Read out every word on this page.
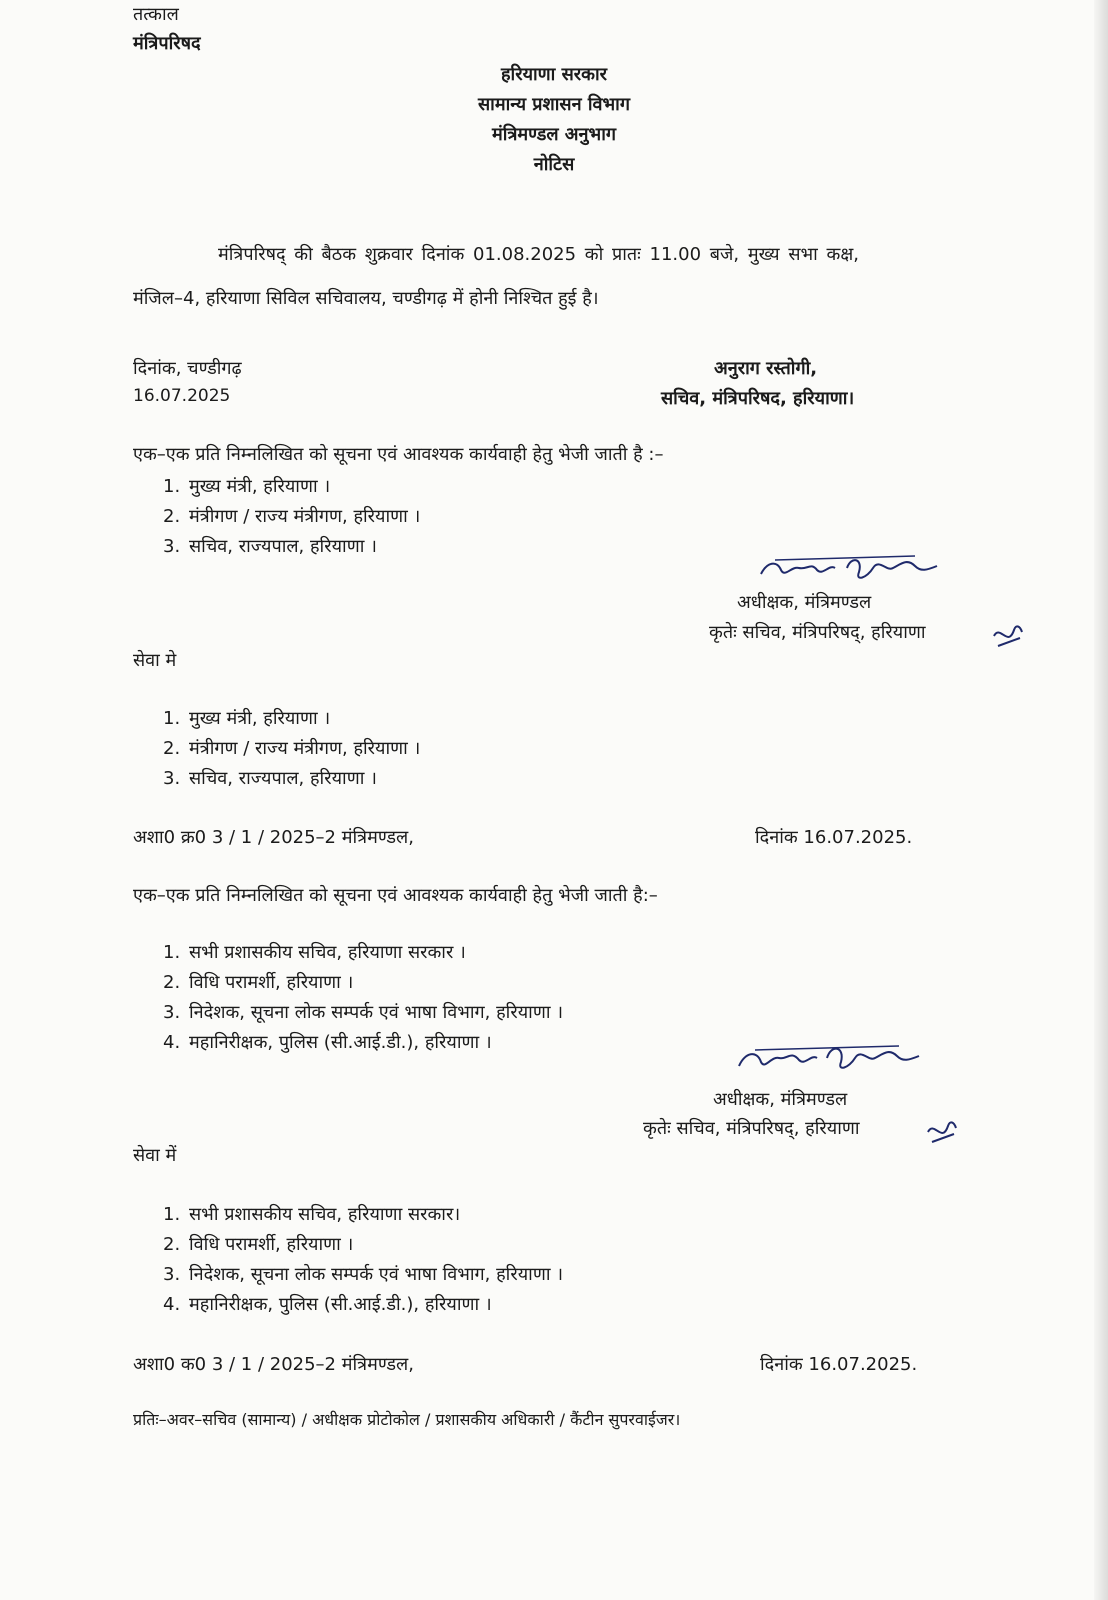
तत्काल
मंत्रिपरिषद
हरियाणा सरकार
सामान्य प्रशासन विभाग
मंत्रिमण्डल अनुभाग
नोटिस
मंत्रिपरिषद् की बैठक शुक्रवार दिनांक 01.08.2025 को प्रातः 11.00 बजे, मुख्य सभा कक्ष,
मंजिल–4, हरियाणा सिविल सचिवालय, चण्डीगढ़ में होनी निश्चित हुई है।
दिनांक, चण्डीगढ़
16.07.2025
अनुराग रस्तोगी,
सचिव, मंत्रिपरिषद, हरियाणा।
एक–एक प्रति निम्नलिखित को सूचना एवं आवश्यक कार्यवाही हेतु भेजी जाती है :–
1. मुख्य मंत्री, हरियाणा ।
2. मंत्रीगण / राज्य मंत्रीगण, हरियाणा ।
3. सचिव, राज्यपाल, हरियाणा ।
अधीक्षक, मंत्रिमण्डल
कृतेः सचिव, मंत्रिपरिषद्, हरियाणा
सेवा मे
1. मुख्य मंत्री, हरियाणा ।
2. मंत्रीगण / राज्य मंत्रीगण, हरियाणा ।
3. सचिव, राज्यपाल, हरियाणा ।
अशा0 क्र0 3 / 1 / 2025–2 मंत्रिमण्डल,	दिनांक 16.07.2025.
एक–एक प्रति निम्नलिखित को सूचना एवं आवश्यक कार्यवाही हेतु भेजी जाती है:–
1. सभी प्रशासकीय सचिव, हरियाणा सरकार ।
2. विधि परामर्शी, हरियाणा ।
3. निदेशक, सूचना लोक सम्पर्क एवं भाषा विभाग, हरियाणा ।
4. महानिरीक्षक, पुलिस (सी.आई.डी.), हरियाणा ।
अधीक्षक, मंत्रिमण्डल
कृतेः सचिव, मंत्रिपरिषद्, हरियाणा
सेवा में
1. सभी प्रशासकीय सचिव, हरियाणा सरकार।
2. विधि परामर्शी, हरियाणा ।
3. निदेशक, सूचना लोक सम्पर्क एवं भाषा विभाग, हरियाणा ।
4. महानिरीक्षक, पुलिस (सी.आई.डी.), हरियाणा ।
अशा0 क0 3 / 1 / 2025–2 मंत्रिमण्डल,	दिनांक 16.07.2025.
प्रतिः–अवर–सचिव (सामान्य) / अधीक्षक प्रोटोकोल / प्रशासकीय अधिकारी / कैंटीन सुपरवाईजर।
